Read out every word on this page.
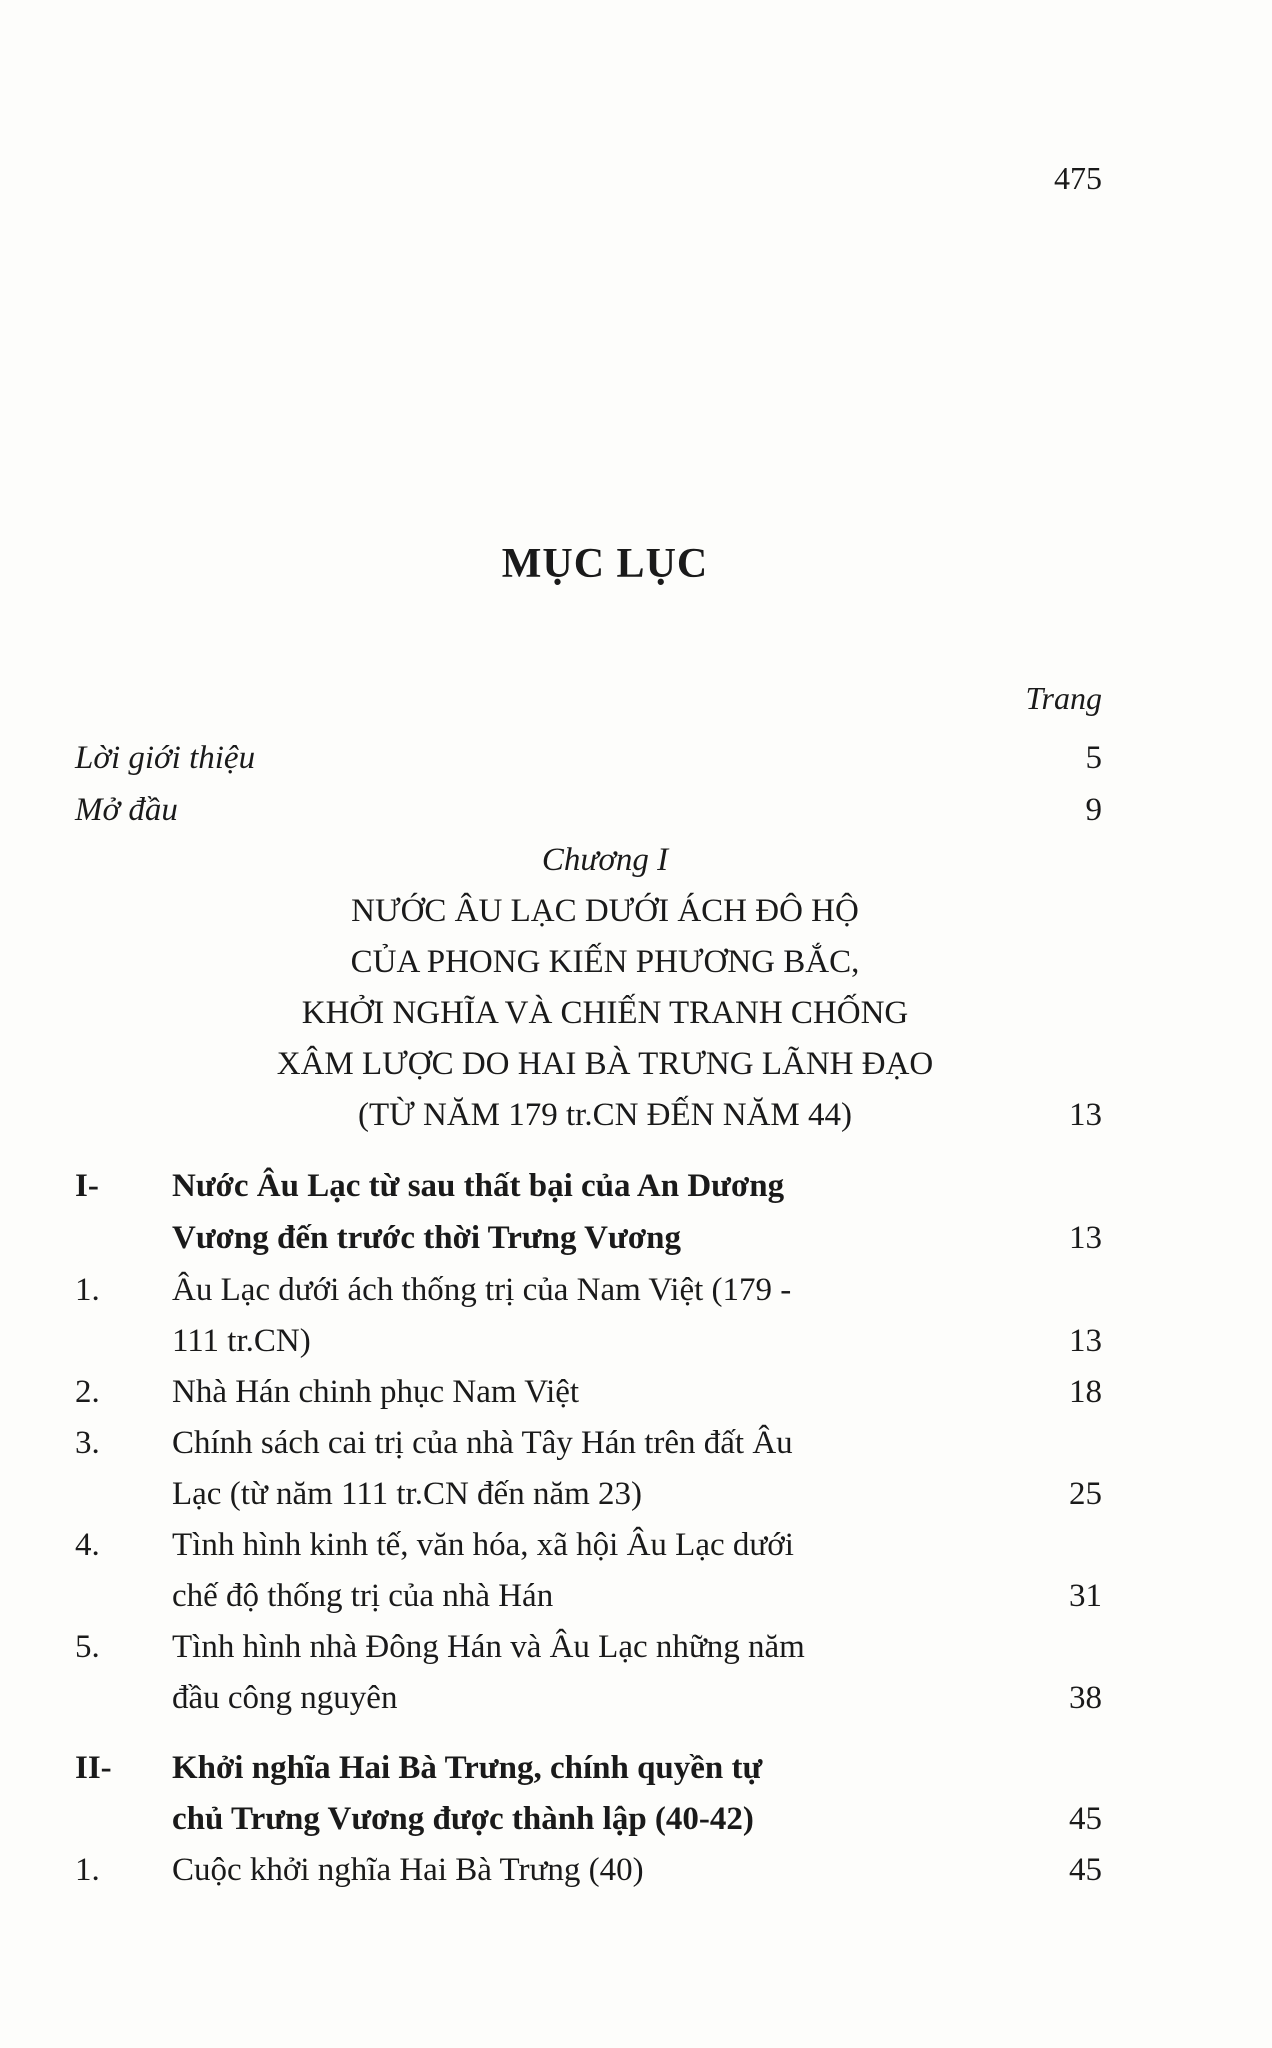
475
MỤC LỤC
Trang
Lời giới thiệu	5
Mở đầu	9
Chương I
NƯỚC ÂU LẠC DƯỚI ÁCH ĐÔ HỘ
CỦA PHONG KIẾN PHƯƠNG BẮC,
KHỞI NGHĨA VÀ CHIẾN TRANH CHỐNG
XÂM LƯỢC DO HAI BÀ TRƯNG LÃNH ĐẠO
(TỪ NĂM 179 tr.CN ĐẾN NĂM 44)	13
I- Nước Âu Lạc từ sau thất bại của An Dương
Vương đến trước thời Trưng Vương	13
1. Âu Lạc dưới ách thống trị của Nam Việt (179 -
111 tr.CN)	13
2. Nhà Hán chinh phục Nam Việt	18
3. Chính sách cai trị của nhà Tây Hán trên đất Âu
Lạc (từ năm 111 tr.CN đến năm 23)	25
4. Tình hình kinh tế, văn hóa, xã hội Âu Lạc dưới
chế độ thống trị của nhà Hán	31
5. Tình hình nhà Đông Hán và Âu Lạc những năm
đầu công nguyên	38
II- Khởi nghĩa Hai Bà Trưng, chính quyền tự
chủ Trưng Vương được thành lập (40-42)	45
1. Cuộc khởi nghĩa Hai Bà Trưng (40)	45
